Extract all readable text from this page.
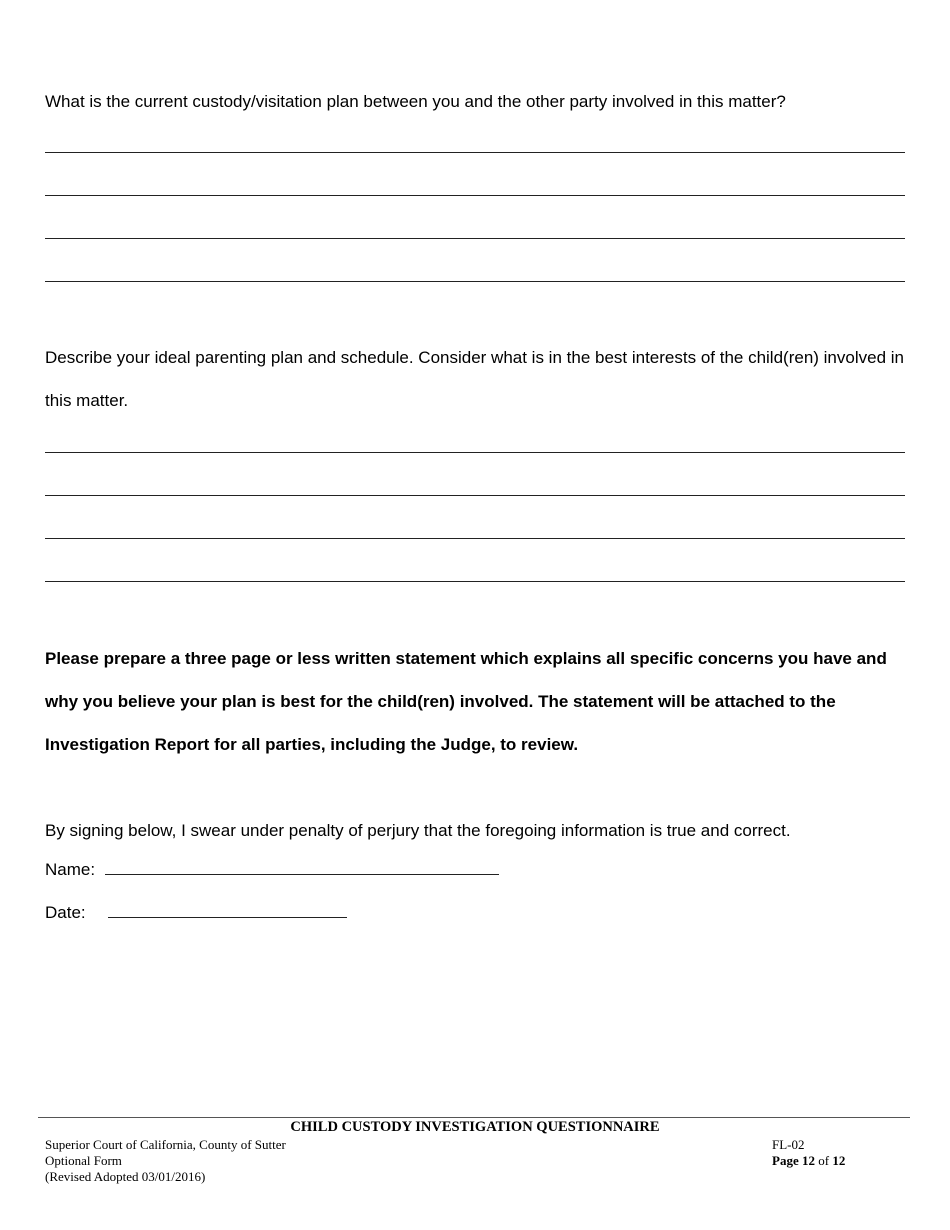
What is the current custody/visitation plan between you and the other party involved in this matter?

Describe your ideal parenting plan and schedule. Consider what is in the best interests of the child(ren) involved in this matter.

Please prepare a three page or less written statement which explains all specific concerns you have and why you believe your plan is best for the child(ren) involved. The statement will be attached to the Investigation Report for all parties, including the Judge, to review.

By signing below, I swear under penalty of perjury that the foregoing information is true and correct.

Name:
Date:
CHILD CUSTODY INVESTIGATION QUESTIONNAIRE
Superior Court of California, County of Sutter
Optional Form
(Revised Adopted 03/01/2016)
FL-02
Page 12 of 12
